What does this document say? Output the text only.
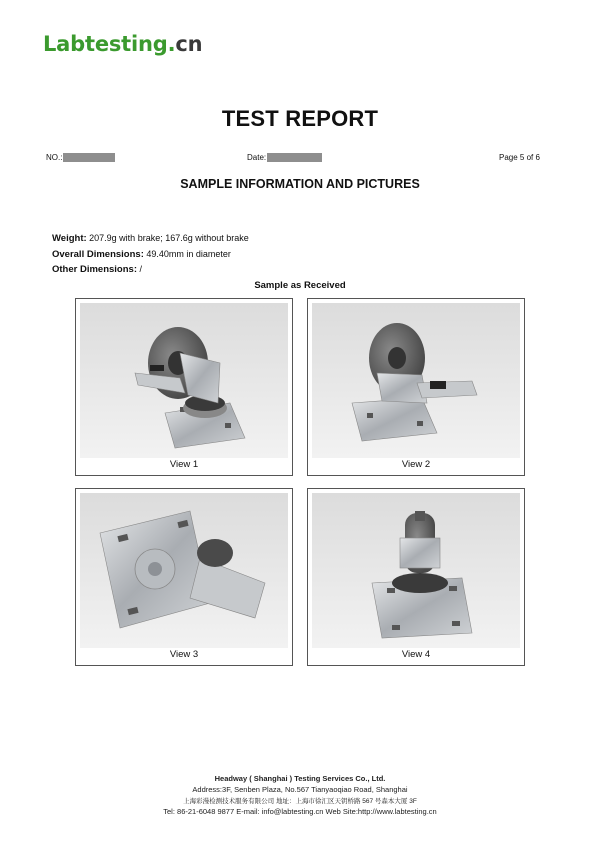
Labtesting.cn
TEST REPORT
NO.:	Date:	Page 5 of 6
SAMPLE INFORMATION AND PICTURES
Weight: 207.9g with brake; 167.6g without brake
Overall Dimensions: 49.40mm in diameter
Other Dimensions: /
Sample as Received
View 1	View 2
View 3	View 4
Headway ( Shanghai ) Testing Services Co., Ltd.
Address:3F, Senben Plaza, No.567 Tianyaoqiao Road, Shanghai
上海彩漫检测技术服务有限公司 地址：上海市徐汇区天钥桥路 567 号森本大厦 3F
Tel: 86-21-6048 9877 E-mail: info@labtesting.cn Web Site:http://www.labtesting.cn
